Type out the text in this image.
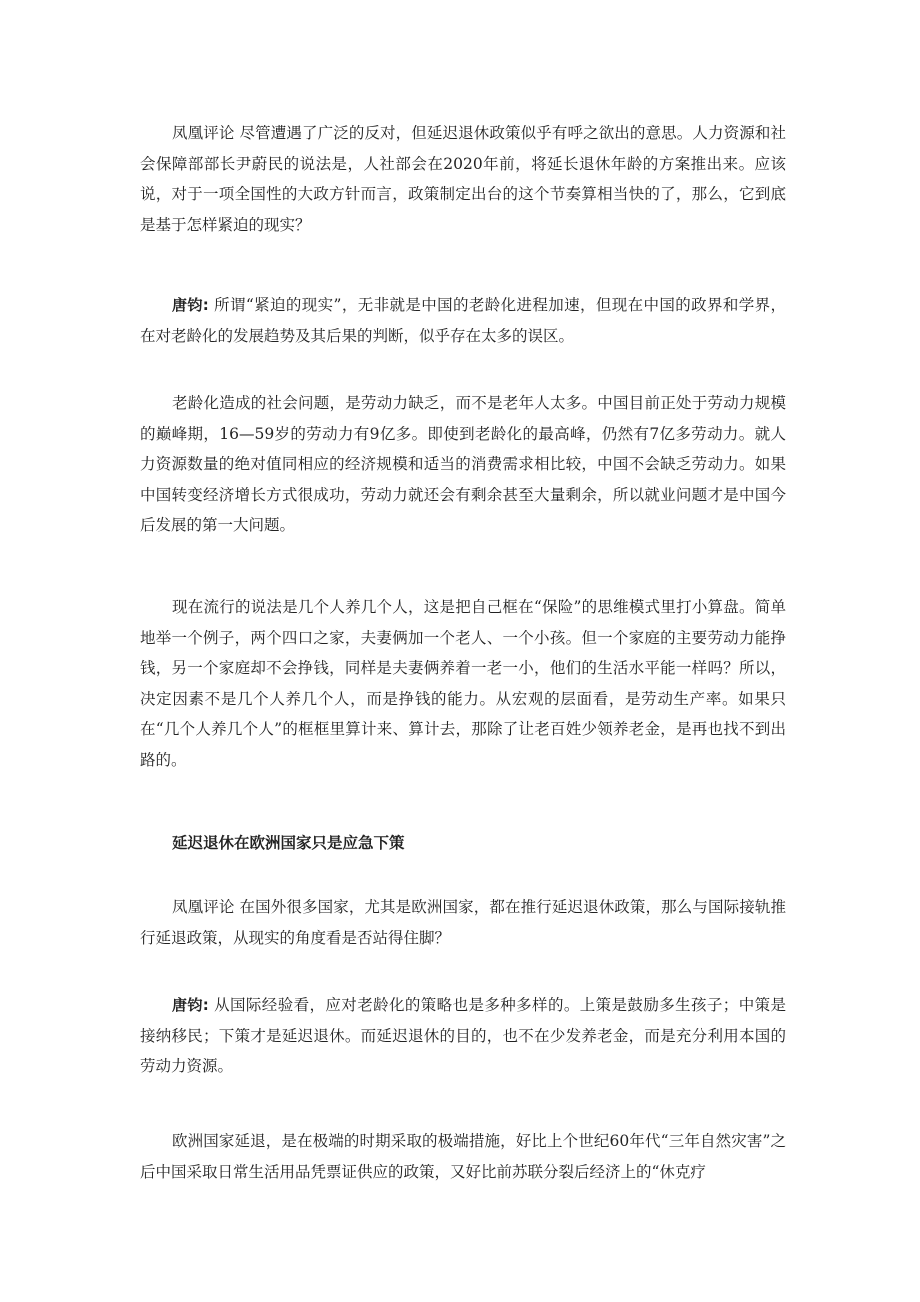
凤凰评论 尽管遭遇了广泛的反对，但延迟退休政策似乎有呼之欲出的意思。人力资源和社会保障部部长尹蔚民的说法是，人社部会在2020年前，将延长退休年龄的方案推出来。应该说，对于一项全国性的大政方针而言，政策制定出台的这个节奏算相当快的了，那么，它到底是基于怎样紧迫的现实？

唐钧: 所谓“紧迫的现实”，无非就是中国的老龄化进程加速，但现在中国的政界和学界，在对老龄化的发展趋势及其后果的判断，似乎存在太多的误区。

老龄化造成的社会问题，是劳动力缺乏，而不是老年人太多。中国目前正处于劳动力规模的巅峰期，16—59岁的劳动力有9亿多。即使到老龄化的最高峰，仍然有7亿多劳动力。就人力资源数量的绝对值同相应的经济规模和适当的消费需求相比较，中国不会缺乏劳动力。如果中国转变经济增长方式很成功，劳动力就还会有剩余甚至大量剩余，所以就业问题才是中国今后发展的第一大问题。

现在流行的说法是几个人养几个人，这是把自己框在“保险”的思维模式里打小算盘。简单地举一个例子，两个四口之家，夫妻俩加一个老人、一个小孩。但一个家庭的主要劳动力能挣钱，另一个家庭却不会挣钱，同样是夫妻俩养着一老一小，他们的生活水平能一样吗？所以，决定因素不是几个人养几个人，而是挣钱的能力。从宏观的层面看，是劳动生产率。如果只在“几个人养几个人”的框框里算计来、算计去，那除了让老百姓少领养老金，是再也找不到出路的。

延迟退休在欧洲国家只是应急下策

凤凰评论 在国外很多国家，尤其是欧洲国家，都在推行延迟退休政策，那么与国际接轨推行延退政策，从现实的角度看是否站得住脚？

唐钧: 从国际经验看，应对老龄化的策略也是多种多样的。上策是鼓励多生孩子；中策是接纳移民；下策才是延迟退休。而延迟退休的目的，也不在少发养老金，而是充分利用本国的劳动力资源。

欧洲国家延退，是在极端的时期采取的极端措施，好比上个世纪60年代“三年自然灾害”之后中国采取日常生活用品凭票证供应的政策，又好比前苏联分裂后经济上的“休克疗
